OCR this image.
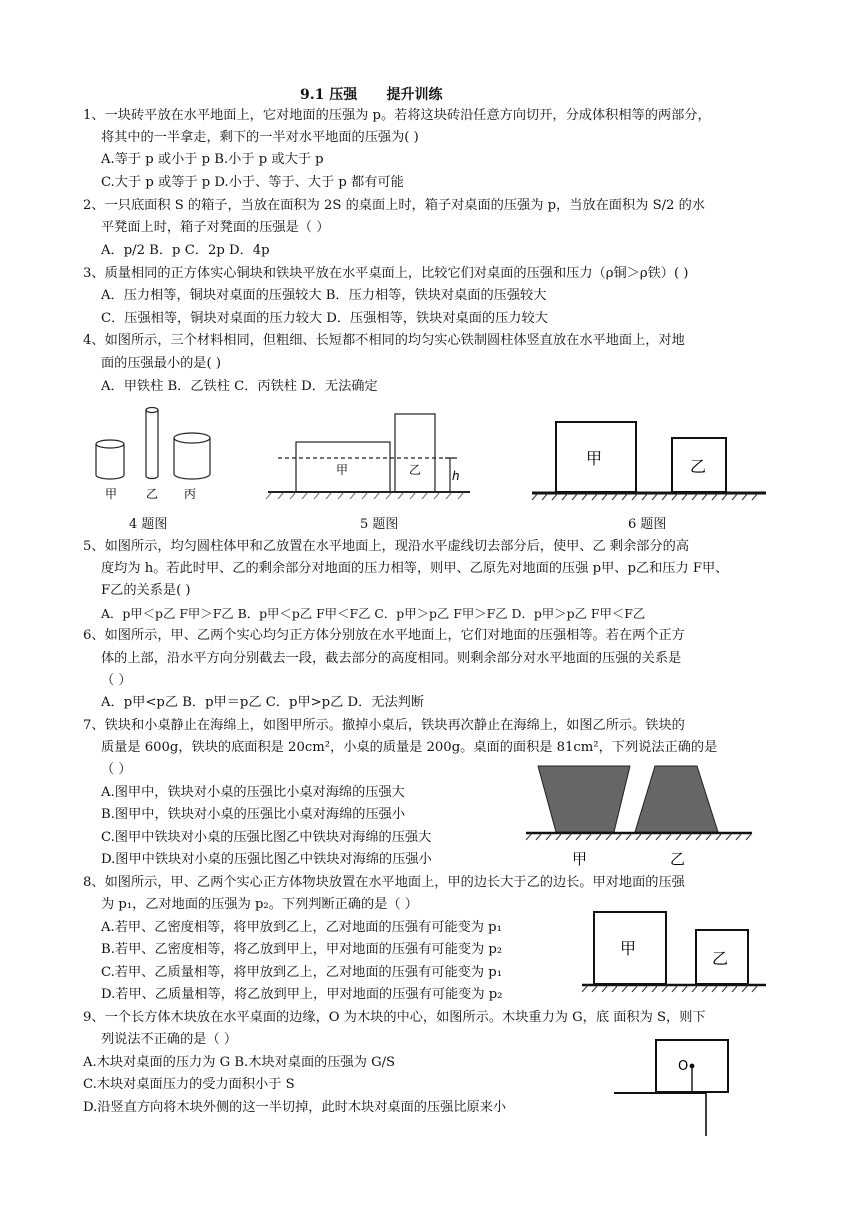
9.1 压强      提升训练
1、一块砖平放在水平地面上，它对地面的压强为 p。若将这块砖沿任意方向切开，分成体积相等的两部分，
将其中的一半拿走，剩下的一半对水平地面的压强为( )
A.等于 p 或小于 p B.小于 p 或大于 p
C.大于 p 或等于 p D.小于、等于、大于 p 都有可能
2、一只底面积 S 的箱子，当放在面积为 2S 的桌面上时，箱子对桌面的压强为 p，当放在面积为 S/2 的水
平凳面上时，箱子对凳面的压强是（ ）
A．p/2 B．p C．2p D．4p
3、质量相同的正方体实心铜块和铁块平放在水平桌面上，比较它们对桌面的压强和压力（ρ铜＞ρ铁）( )
A．压力相等，铜块对桌面的压强较大 B．压力相等，铁块对桌面的压强较大
C．压强相等，铜块对桌面的压力较大 D．压强相等，铁块对桌面的压力较大
4、如图所示，三个材料相同，但粗细、长短都不相同的均匀实心铁制圆柱体竖直放在水平地面上，对地
面的压强最小的是( )
A．甲铁柱 B．乙铁柱 C．丙铁柱 D．无法确定
甲 乙 丙
甲	乙	h
甲	乙
4 题图	5 题图	6 题图
5、如图所示，均匀圆柱体甲和乙放置在水平地面上，现沿水平虚线切去部分后，使甲、乙 剩余部分的高
度均为 h。若此时甲、乙的剩余部分对地面的压力相等，则甲、乙原先对地面的压强 p甲、p乙和压力 F甲、
F乙的关系是( )
A．p甲＜p乙 F甲＞F乙 B．p甲＜p乙 F甲＜F乙 C．p甲＞p乙 F甲＞F乙 D．p甲＞p乙 F甲＜F乙
6、如图所示，甲、乙两个实心均匀正方体分别放在水平地面上，它们对地面的压强相等。若在两个正方
体的上部，沿水平方向分别截去一段，截去部分的高度相同。则剩余部分对水平地面的压强的关系是
（ ）
A．p甲<p乙 B．p甲＝p乙 C．p甲>p乙 D．无法判断
7、铁块和小桌静止在海绵上，如图甲所示。撤掉小桌后，铁块再次静止在海绵上，如图乙所示。铁块的
质量是 600g，铁块的底面积是 20cm²，小桌的质量是 200g。桌面的面积是 81cm²，下列说法正确的是
（ ）
A.图甲中，铁块对小桌的压强比小桌对海绵的压强大
B.图甲中，铁块对小桌的压强比小桌对海绵的压强小
C.图甲中铁块对小桌的压强比图乙中铁块对海绵的压强大
D.图甲中铁块对小桌的压强比图乙中铁块对海绵的压强小	甲	乙
8、如图所示，甲、乙两个实心正方体物块放置在水平地面上，甲的边长大于乙的边长。甲对地面的压强
为 p₁，乙对地面的压强为 p₂。下列判断正确的是（ ）
A.若甲、乙密度相等，将甲放到乙上，乙对地面的压强有可能变为 p₁
B.若甲、乙密度相等，将乙放到甲上，甲对地面的压强有可能变为 p₂
C.若甲、乙质量相等，将甲放到乙上，乙对地面的压强有可能变为 p₁
D.若甲、乙质量相等，将乙放到甲上，甲对地面的压强有可能变为 p₂
甲
乙
9、一个长方体木块放在水平桌面的边缘，O 为木块的中心，如图所示。木块重力为 G，底 面积为 S，则下
列说法不正确的是（ ）
A.木块对桌面的压力为 G B.木块对桌面的压强为 G/S
C.木块对桌面压力的受力面积小于 S
D.沿竖直方向将木块外侧的这一半切掉，此时木块对桌面的压强比原来小
O
